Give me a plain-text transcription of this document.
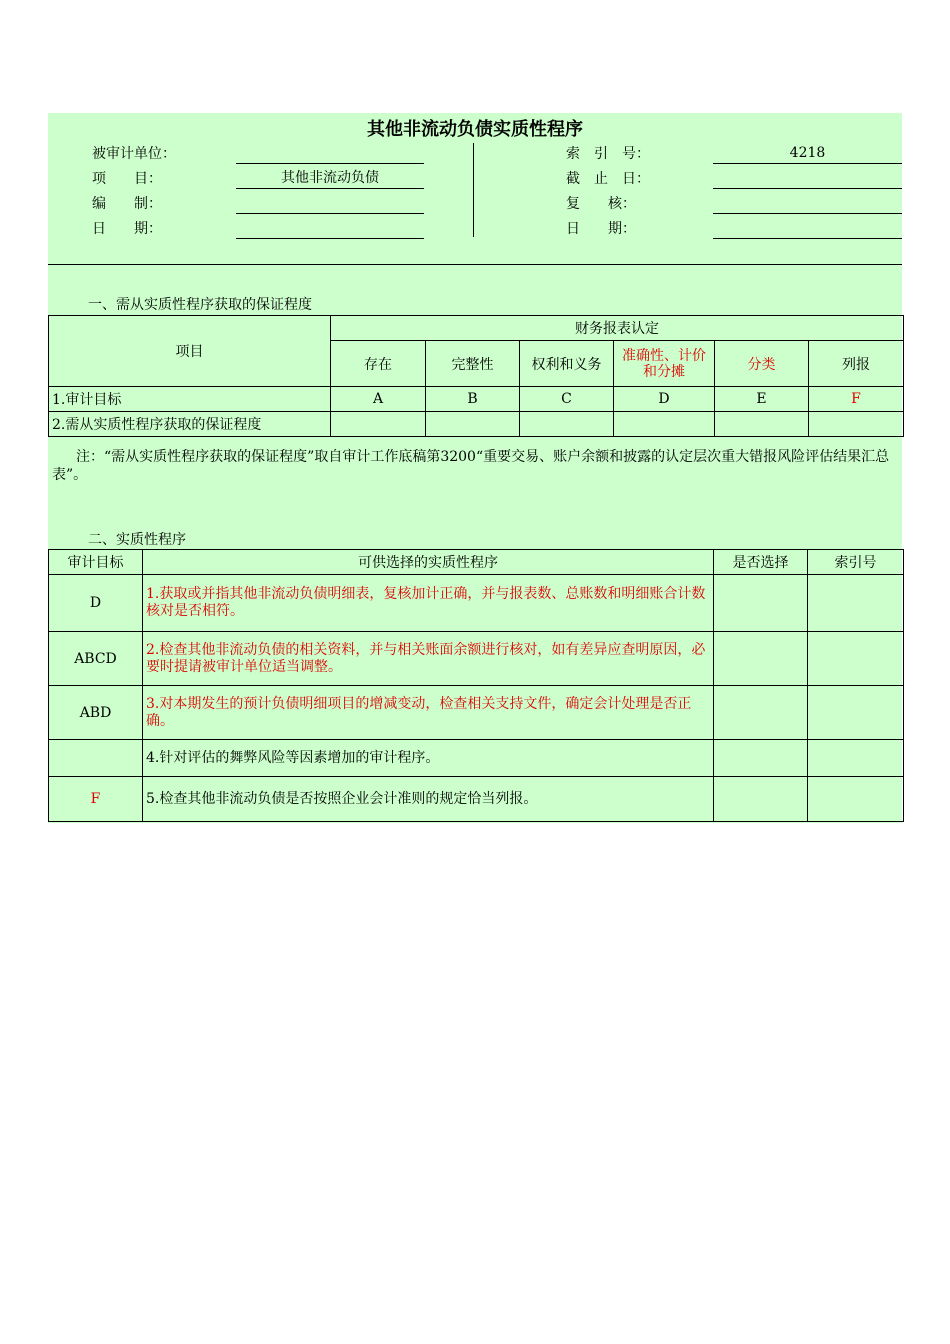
其他非流动负债实质性程序
被审计单位：
项　　目：	其他非流动负债
编　　制：
日　　期：
索　引　号：	4218
截　止　日：
复　　核：
日　　期：
一、需从实质性程序获取的保证程度
项目	财务报表认定					
	存在	完整性	权利和义务	准确性、计价和分摊	分类	列报
1.审计目标	A	B	C	D	E	F
2.需从实质性程序获取的保证程度						
注：“需从实质性程序获取的保证程度”取自审计工作底稿第3200“重要交易、账户余额和披露的认定层次重大错报风险评估结果汇总表”。
二、实质性程序
审计目标	可供选择的实质性程序	是否选择	索引号
D	1.获取或并指其他非流动负债明细表，复核加计正确，并与报表数、总账数和明细账合计数核对是否相符。		
ABCD	2.检查其他非流动负债的相关资料，并与相关账面余额进行核对，如有差异应查明原因，必要时提请被审计单位适当调整。		
ABD	3.对本期发生的预计负债明细项目的增减变动，检查相关支持文件，确定会计处理是否正确。		
	4.针对评估的舞弊风险等因素增加的审计程序。		
F	5.检查其他非流动负债是否按照企业会计准则的规定恰当列报。		
